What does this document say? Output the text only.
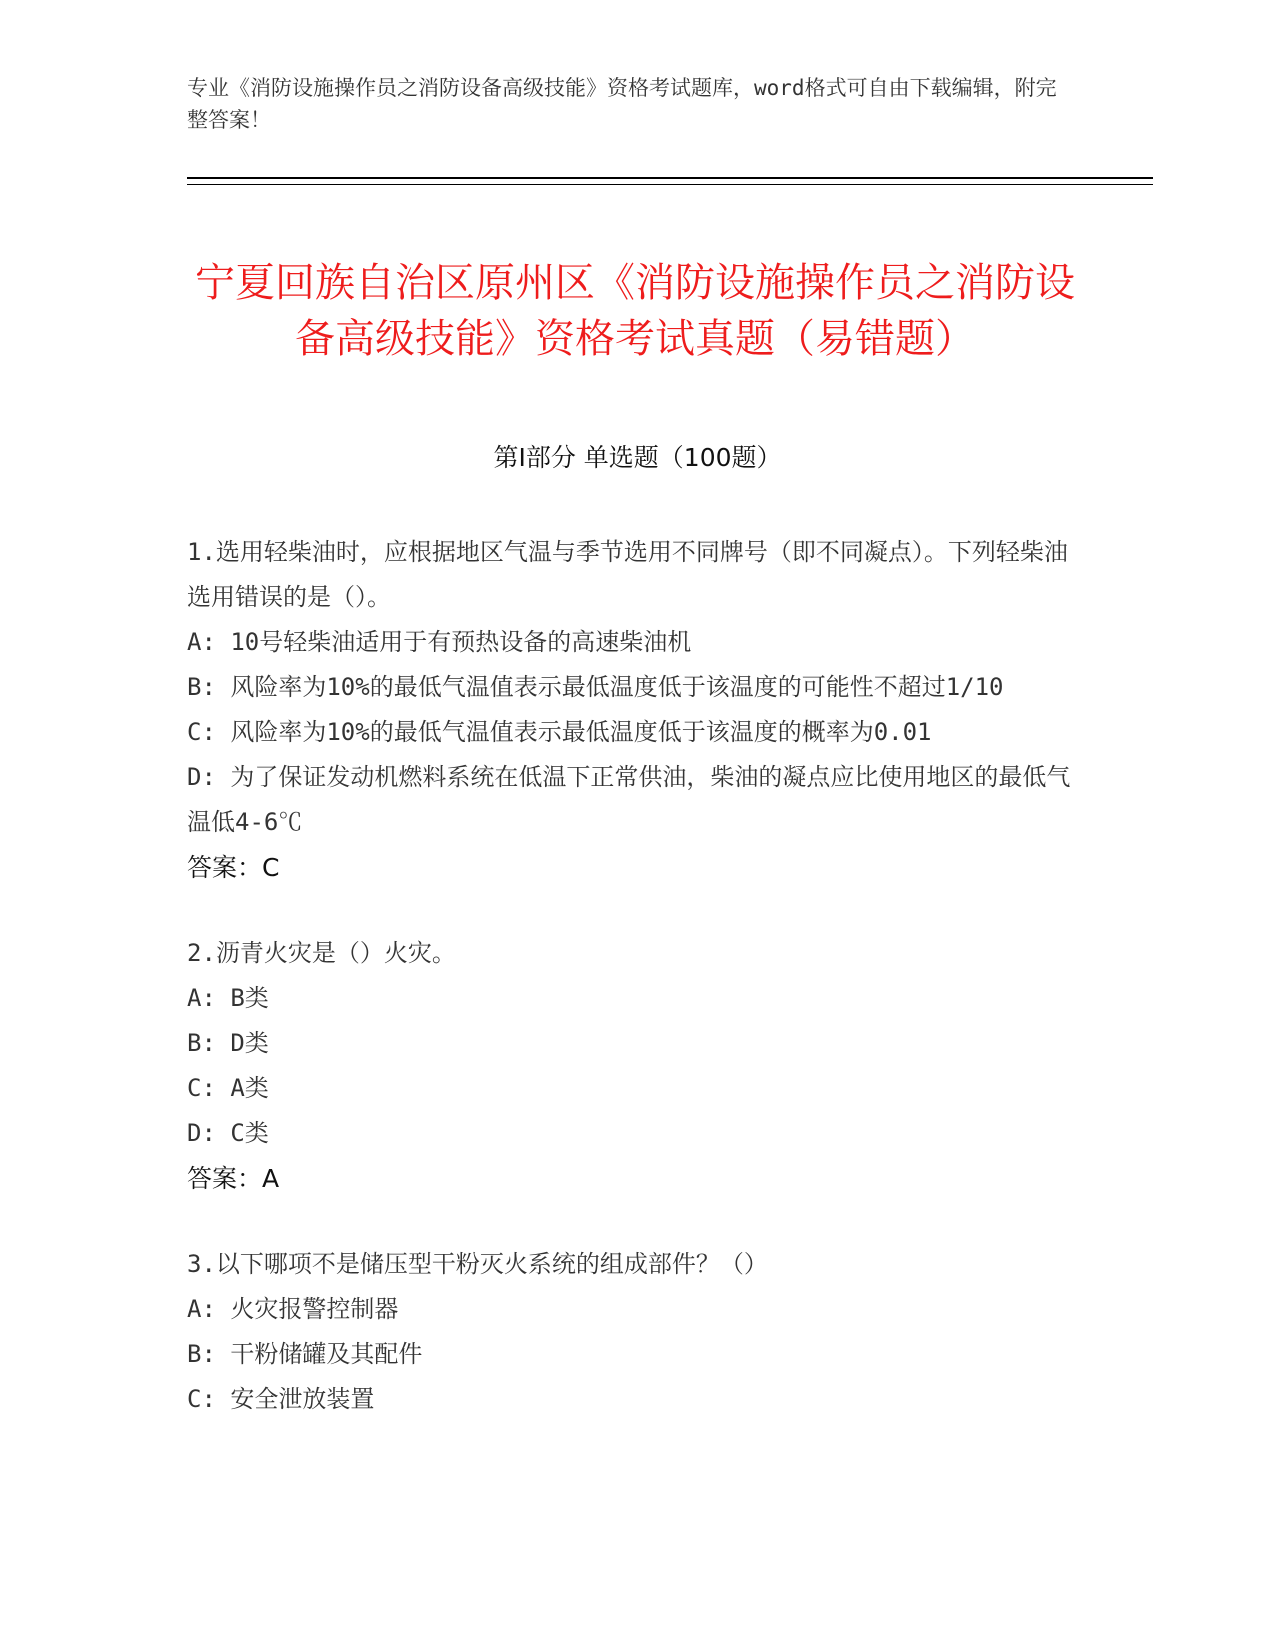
专业《消防设施操作员之消防设备高级技能》资格考试题库，word格式可自由下载编辑，附完整答案！
宁夏回族自治区原州区《消防设施操作员之消防设备高级技能》资格考试真题（易错题）
第I部分 单选题（100题）

1.选用轻柴油时，应根据地区气温与季节选用不同牌号（即不同凝点）。下列轻柴油选用错误的是（）。

A: 10号轻柴油适用于有预热设备的高速柴油机

B: 风险率为10%的最低气温值表示最低温度低于该温度的可能性不超过1/10

C: 风险率为10%的最低气温值表示最低温度低于该温度的概率为0.01

D: 为了保证发动机燃料系统在低温下正常供油，柴油的凝点应比使用地区的最低气温低4-6℃

答案：C

2.沥青火灾是（）火灾。

A: B类

B: D类

C: A类

D: C类

答案：A

3.以下哪项不是储压型干粉灭火系统的组成部件？（）

A: 火灾报警控制器

B: 干粉储罐及其配件

C: 安全泄放装置
